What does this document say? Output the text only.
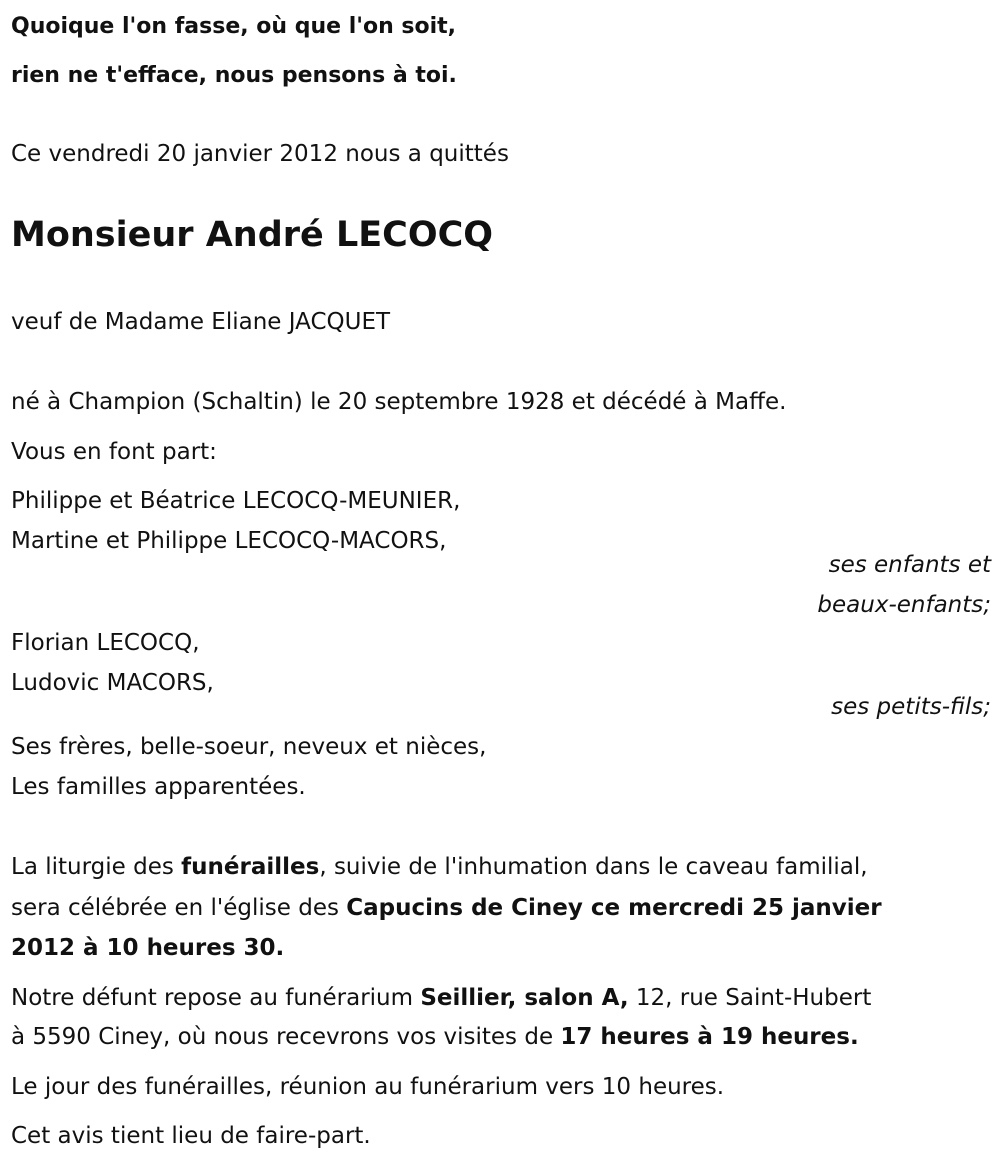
Quoique l'on fasse, où que l'on soit,
rien ne t'efface, nous pensons à toi.
Ce vendredi 20 janvier 2012 nous a quittés
Monsieur André LECOCQ
veuf de Madame Eliane JACQUET
né à Champion (Schaltin) le 20 septembre 1928 et décédé à Maffe.
Vous en font part:
Philippe et Béatrice LECOCQ-MEUNIER,
Martine et Philippe LECOCQ-MACORS,
ses enfants et
beaux-enfants;
Florian LECOCQ,
Ludovic MACORS,
ses petits-fils;
Ses frères, belle-soeur, neveux et nièces,
Les familles apparentées.
La liturgie des funérailles, suivie de l'inhumation dans le caveau familial,
sera célébrée en l'église des Capucins de Ciney ce mercredi 25 janvier
2012 à 10 heures 30.
Notre défunt repose au funérarium Seillier, salon A, 12, rue Saint-Hubert
à 5590 Ciney, où nous recevrons vos visites de 17 heures à 19 heures.
Le jour des funérailles, réunion au funérarium vers 10 heures.
Cet avis tient lieu de faire-part.
